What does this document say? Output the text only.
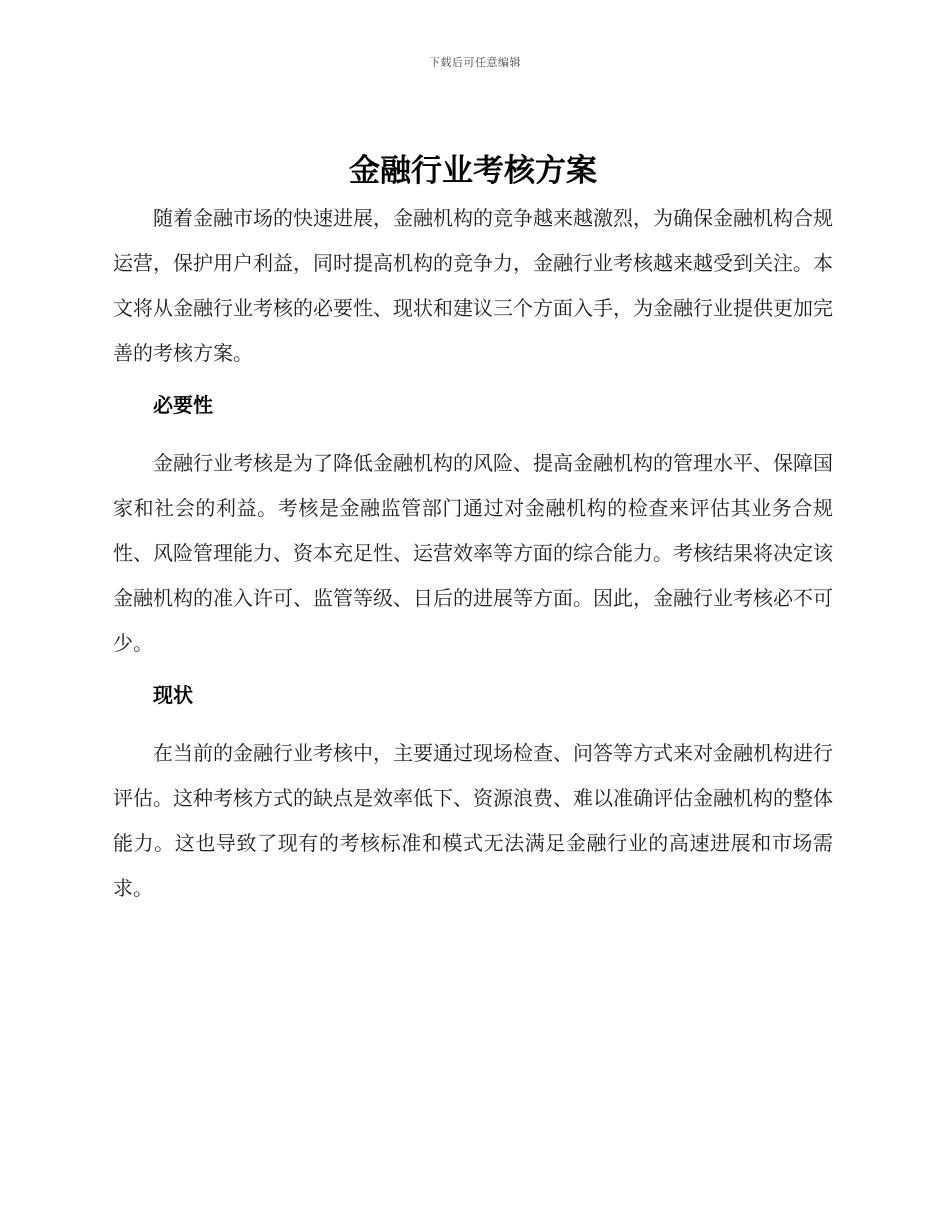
下载后可任意编辑
金融行业考核方案

随着金融市场的快速进展，金融机构的竞争越来越激烈，为确保金融机构合规运营，保护用户利益，同时提高机构的竞争力，金融行业考核越来越受到关注。本文将从金融行业考核的必要性、现状和建议三个方面入手，为金融行业提供更加完善的考核方案。

必要性

金融行业考核是为了降低金融机构的风险、提高金融机构的管理水平、保障国家和社会的利益。考核是金融监管部门通过对金融机构的检查来评估其业务合规性、风险管理能力、资本充足性、运营效率等方面的综合能力。考核结果将决定该金融机构的准入许可、监管等级、日后的进展等方面。因此，金融行业考核必不可少。

现状

在当前的金融行业考核中，主要通过现场检查、问答等方式来对金融机构进行评估。这种考核方式的缺点是效率低下、资源浪费、难以准确评估金融机构的整体能力。这也导致了现有的考核标准和模式无法满足金融行业的高速进展和市场需求。
